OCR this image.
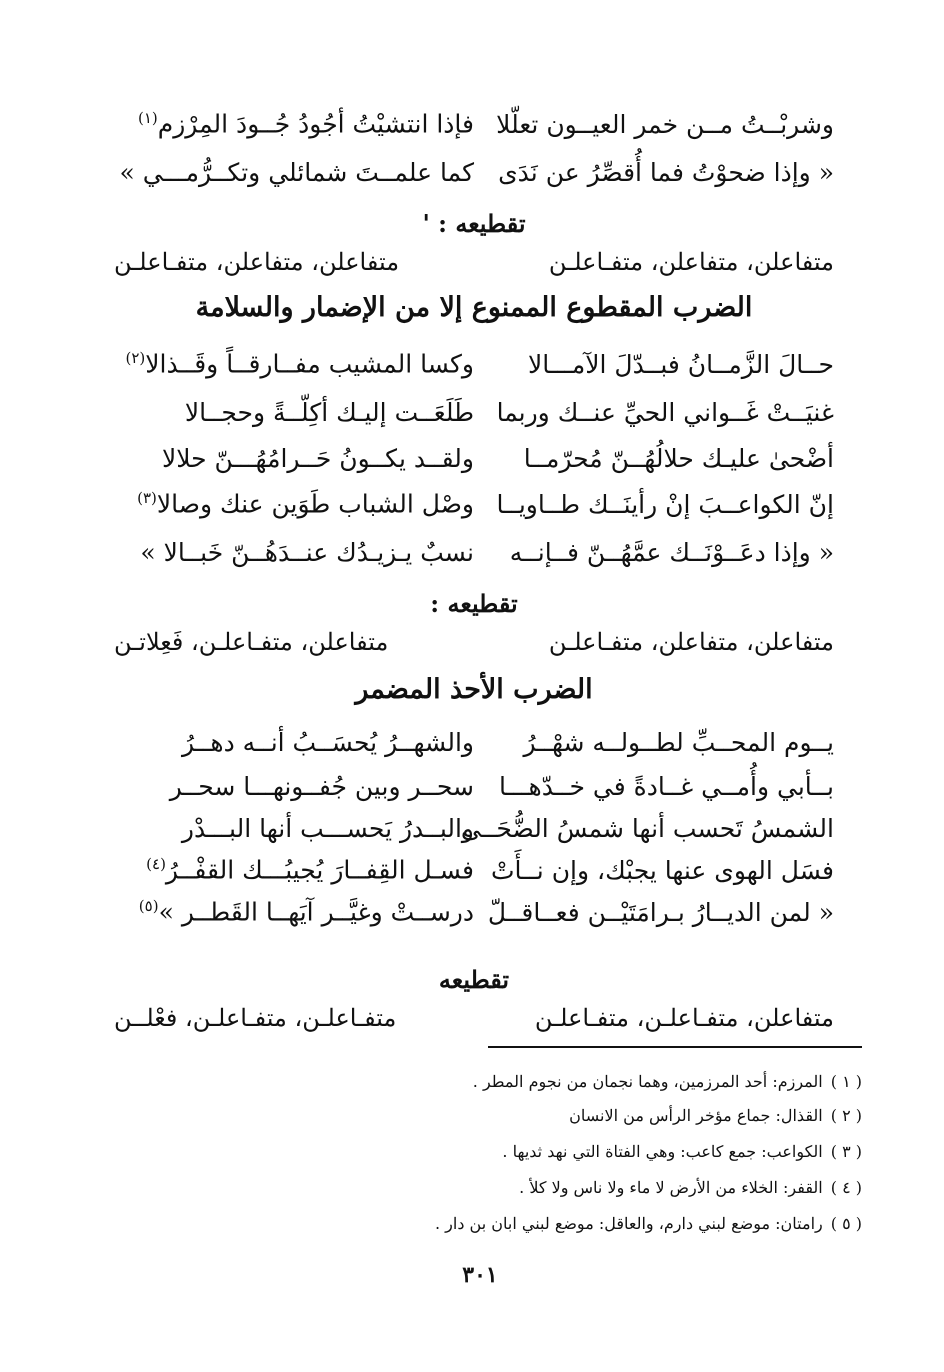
وشربْــتُ مــن خمر العيــون تعلّلا
فإذا انتشيْتُ أجُودُ جُــودَ المِرْزم$^{(١)}$
« وإذا ضحوْتُ فما أُقصِّرُ عن نَدَى
كما علمــتَ شمائلي وتكــرُّمـــي »
تقطيعه : '
متفاعلن، متفاعلن، متفـاعلـن
متفاعلن، متفاعلن، متفـاعلـن
الضرب المقطوع الممنوع إلا من الإضمار والسلامة
حــالَ الزَّمــانُ فبــدّلَ الآمـــالا
وكسا المشيب مفــارقــاً وقَــذالا$^{(٢)}$
غنيَــتْ غَــواني الحيِّ عنــك وربما
طَلَعَــت إليـك أكِلّــةً وحجــالا
أضْحىٰ عليـك حلالُهُــنّ مُحرّمــا
ولقــد يكــونُ حَــرامُهُـــنّ حلالا
إنّ الكواعــبَ إنْ رأينَــك طــاويــا
وصْل الشباب طَوَين عنك وصالا$^{(٣)}$
« وإذا دعَــوْنَــك عمَّهُــنّ فــإنــه
نسبٌ يـزيـدُك عنــدَهُــنّ خَبــالا »
تقطيعه :
متفاعلن، متفاعلن، متفـاعلـن
متفاعلن، متفـاعلـن، فَعِلاتـن
الضرب الأحذ المضمر
يــوم المحــبِّ لطــولــه شهْــرُ
والشهــرُ يُحسَــبُ أنــه دهــرُ
بــأبي وأُمــي غــادةً في خــدّهـــا
سحــر وبين جُفــونهـــا سحــر
الشمسُ تَحسب أنها شمسُ الضُّحَــى
والبــدرُ يَحســـب أنها البـــدْر
فسَل الهوى عنها يجبْك، وإن نــأَتْ
فسـل القِفــارَ يُجيبُـــك القفْــرُ$^{(٤)}$
« لمن الديــارُ بـرامَتَيْــن فعــاقــلّ
درســتْ وغيَّــر آيَهــا القَطــر »$^{(٥)}$
تقطيعه
متفاعلن، متفـاعلـن، متفـاعلـن
متفـاعلـن، متفـاعلـن، فعْلــن
( ١ )المرزم: أحد المرزمين، وهما نجمان من نجوم المطر .
( ٢ )القذال: جماع مؤخر الرأس من الانسان
( ٣ )الكواعب: جمع كاعب: وهي الفتاة التي نهد ثديها .
( ٤ )القفر: الخلاء من الأرض لا ماء ولا ناس ولا كلأ .
( ٥ )رامتان: موضع لبني دارم، والعاقل: موضع لبني ابان بن دار .
٣٠١
